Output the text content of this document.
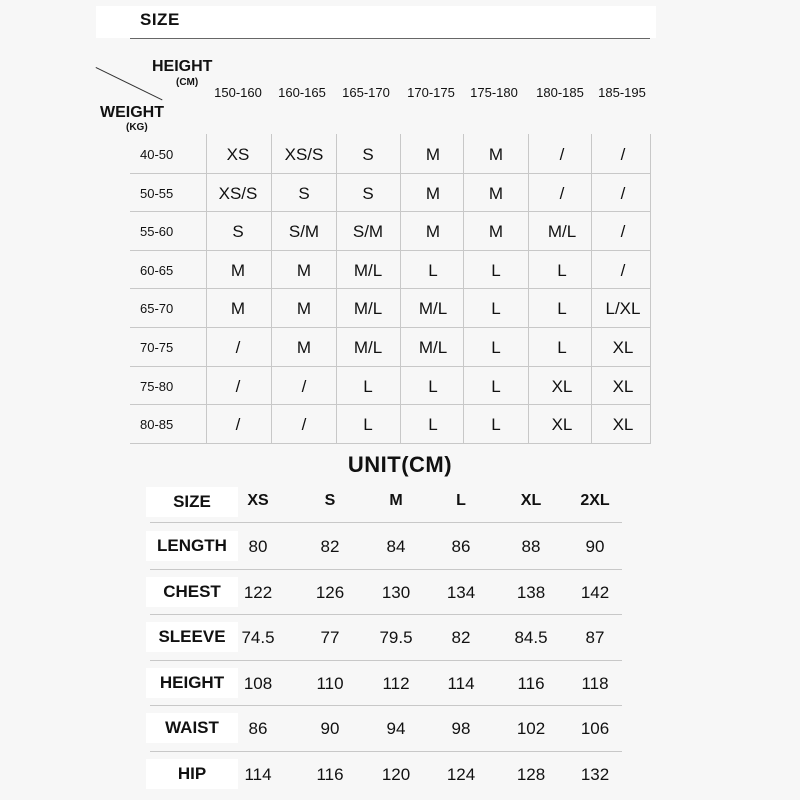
SIZE
HEIGHT
(CM)
WEIGHT
(KG)
150-160	160-165	165-170	170-175	175-180	180-185	185-195
40-50	XS	XS/S	S	M	M	/	/
50-55	XS/S	S	S	M	M	/	/
55-60	S	S/M	S/M	M	M	M/L	/
60-65	M	M	M/L	L	L	L	/
65-70	M	M	M/L	M/L	L	L	L/XL
70-75	/	M	M/L	M/L	L	L	XL
75-80	/	/	L	L	L	XL	XL
80-85	/	/	L	L	L	XL	XL
UNIT(CM)
SIZE	XS	S	M	L	XL	2XL
LENGTH	80	82	84	86	88	90
CHEST	122	126	130	134	138	142
SLEEVE 74.5	77	79.5	82	84.5	87
HEIGHT	108	110	112	114	116	118
WAIST	86	90	94	98	102	106
HIP	114	116	120	124	128	132
